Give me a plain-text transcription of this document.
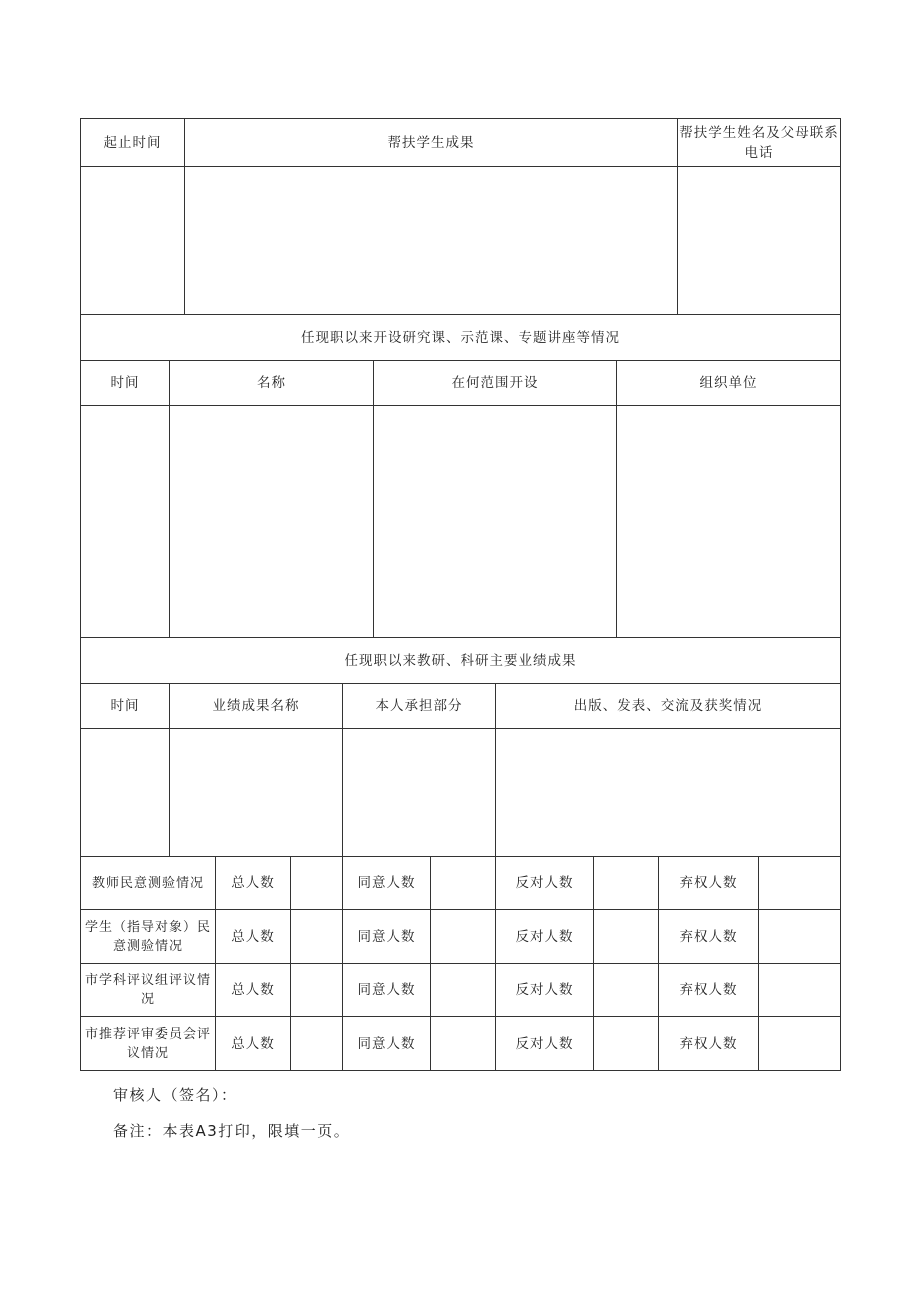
起止时间	帮扶学生成果	帮扶学生姓名及父母联系电话

任现职以来开设研究课、示范课、专题讲座等情况			
时间	名称	在何范围开设	组织单位

任现职以来教研、科研主要业绩成果			
时间	业绩成果名称	本人承担部分	出版、发表、交流及获奖情况

教师民意测验情况	总人数		同意人数		反对人数		弃权人数	
学生（指导对象）民意测验情况	总人数		同意人数		反对人数		弃权人数	
市学科评议组评议情况	总人数		同意人数		反对人数		弃权人数	
市推荐评审委员会评议情况	总人数		同意人数		反对人数		弃权人数	
审核人（签名）：
备注：本表A3打印，限填一页。
